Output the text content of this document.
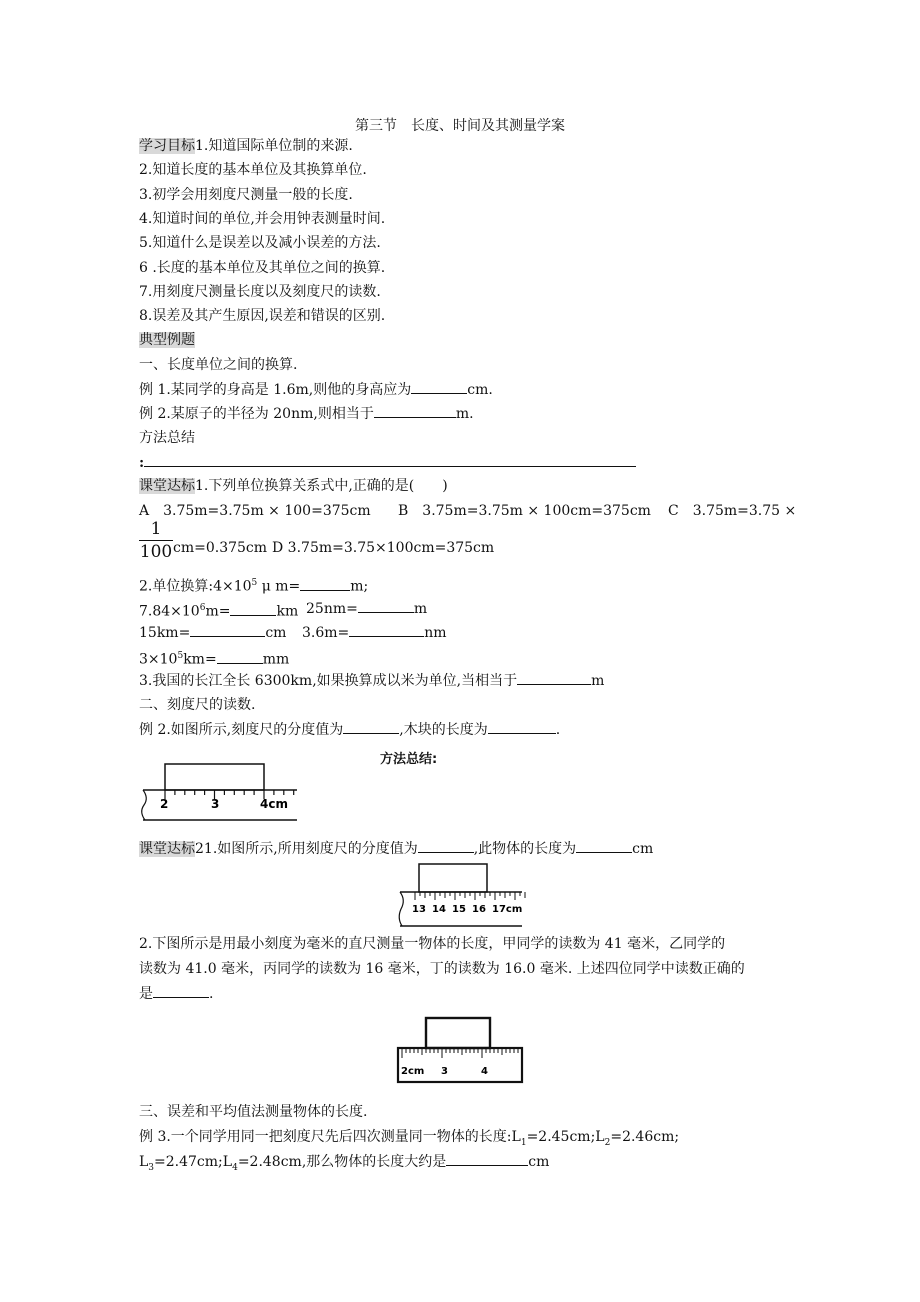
第三节　长度、时间及其测量学案
学习目标1.知道国际单位制的来源.
2.知道长度的基本单位及其换算单位.
3.初学会用刻度尺测量一般的长度.
4.知道时间的单位,并会用钟表测量时间.
5.知道什么是误差以及减小误差的方法.
6 .长度的基本单位及其单位之间的换算.
7.用刻度尺测量长度以及刻度尺的读数.
8.误差及其产生原因,误差和错误的区别.
典型例题
一、长度单位之间的换算.
例 1.某同学的身高是 1.6m,则他的身高应为	cm.
例 2.某原子的半径为 20nm,则相当于	m.
方法总结
:
课堂达标1.下列单位换算关系式中,正确的是(　　)
A　3.75m=3.75m × 100=375cm B　3.75m=3.75m × 100cm=375cm C　3.75m=3.75 ×
$\frac{1}{100} cm=0.375cm$ D 3.75m=3.75×100cm=375cm
2.单位换算$:4\times 10^5$ μ m=	m;
$7.84\times 10^6m=$	km 25nm=	m
15km=	cm 3.6m=	nm
$3\times 10^5km=$	mm
3.我国的长江全长 6300km,如果换算成以米为单位,当相当于	m
二、刻度尺的读数.
例 2.如图所示,刻度尺的分度值为	,木块的长度为	.
方法总结:
2	3	4cm
课堂达标21.如图所示,所用刻度尺的分度值为	,此物体的长度为	cm
13 14 15 16 17cm
2.下图所示是用最小刻度为毫米的直尺测量一物体的长度，甲同学的读数为 41 毫米，乙同学的
读数为 41.0 毫米，丙同学的读数为 16 毫米，丁的读数为 16.0 毫米. 上述四位同学中读数正确的
是	.
2cm 3	4
三、误差和平均值法测量物体的长度.
例 3.一个同学用同一把刻度尺先后四次测量同一物体的长度$:L_1=2.45cm;L_2=2.46cm$;
$L_3=2.47cm;L_4=2.48cm$,那么物体的长度大约是	cm
